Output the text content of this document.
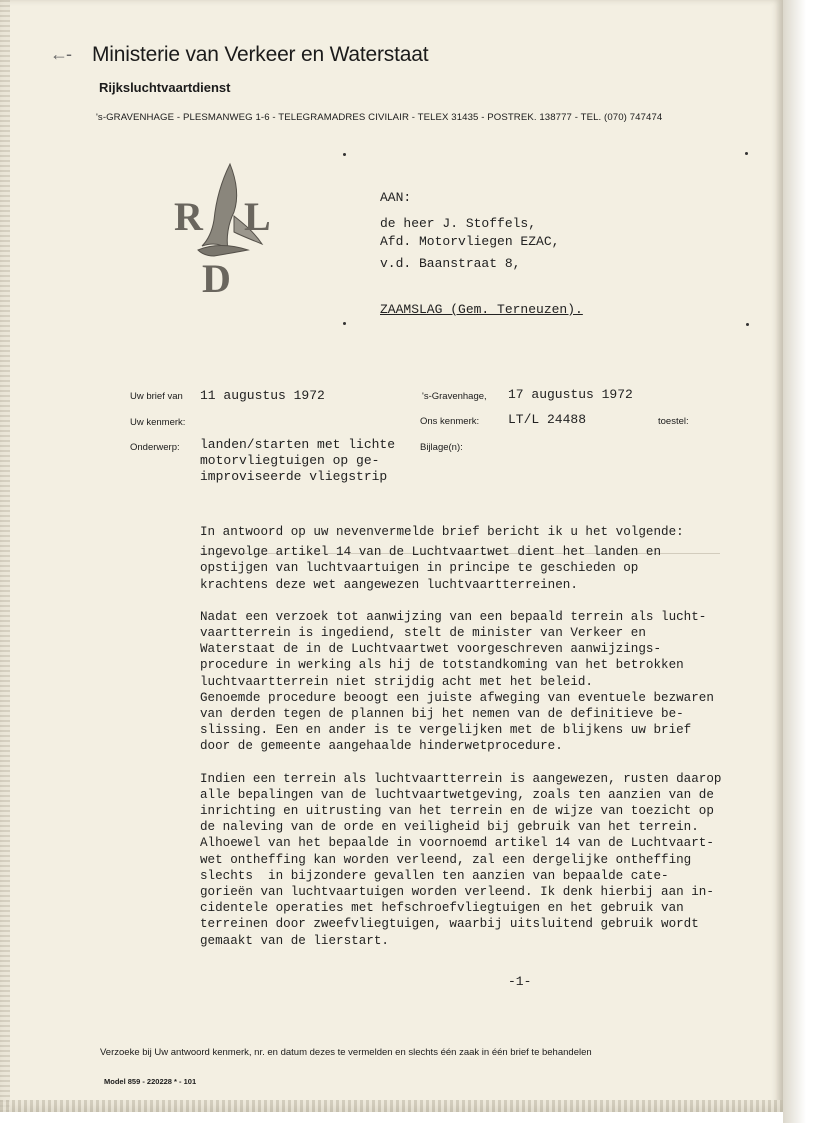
←- Ministerie van Verkeer en Waterstaat
Rijksluchtvaartdienst
's-GRAVENHAGE - PLESMANWEG 1-6 - TELEGRAMADRES CIVILAIR - TELEX 31435 - POSTREK. 138777 - TEL. (070) 747474
R L
D

AAN:

de heer J. Stoffels,

Afd. Motorvliegen EZAC,

v.d. Baanstraat 8,

ZAAMSLAG (Gem. Terneuzen).

Uw brief van 11 augustus 1972
Uw kenmerk:
Onderwerp: landen/starten met lichte
motorvliegtuigen op ge-
improviseerde vliegstrip
's-Gravenhage, 17 augustus 1972
Ons kenmerk: LT/L 24488	toestel:
Bijlage(n):

In antwoord op uw nevenvermelde brief bericht ik u het volgende:

ingevolge artikel 14 van de Luchtvaartwet dient het landen en
opstijgen van luchtvaartuigen in principe te geschieden op
krachtens deze wet aangewezen luchtvaartterreinen.

Nadat een verzoek tot aanwijzing van een bepaald terrein als lucht-
vaartterrein is ingediend, stelt de minister van Verkeer en
Waterstaat de in de Luchtvaartwet voorgeschreven aanwijzings-
procedure in werking als hij de totstandkoming van het betrokken
luchtvaartterrein niet strijdig acht met het beleid.
Genoemde procedure beoogt een juiste afweging van eventuele bezwaren
van derden tegen de plannen bij het nemen van de definitieve be-
slissing. Een en ander is te vergelijken met de blijkens uw brief
door de gemeente aangehaalde hinderwetprocedure.

Indien een terrein als luchtvaartterrein is aangewezen, rusten daarop
alle bepalingen van de luchtvaartwetgeving, zoals ten aanzien van de
inrichting en uitrusting van het terrein en de wijze van toezicht op
de naleving van de orde en veiligheid bij gebruik van het terrein.
Alhoewel van het bepaalde in voornoemd artikel 14 van de Luchtvaart-
wet ontheffing kan worden verleend, zal een dergelijke ontheffing
slechts  in bijzondere gevallen ten aanzien van bepaalde cate-
gorieën van luchtvaartuigen worden verleend. Ik denk hierbij aan in-
cidentele operaties met hefschroefvliegtuigen en het gebruik van
terreinen door zweefvliegtuigen, waarbij uitsluitend gebruik wordt
gemaakt van de lierstart.

-1-
Verzoeke bij Uw antwoord kenmerk, nr. en datum dezes te vermelden en slechts één zaak in één brief te behandelen
Model 859 - 220228 * - 101
